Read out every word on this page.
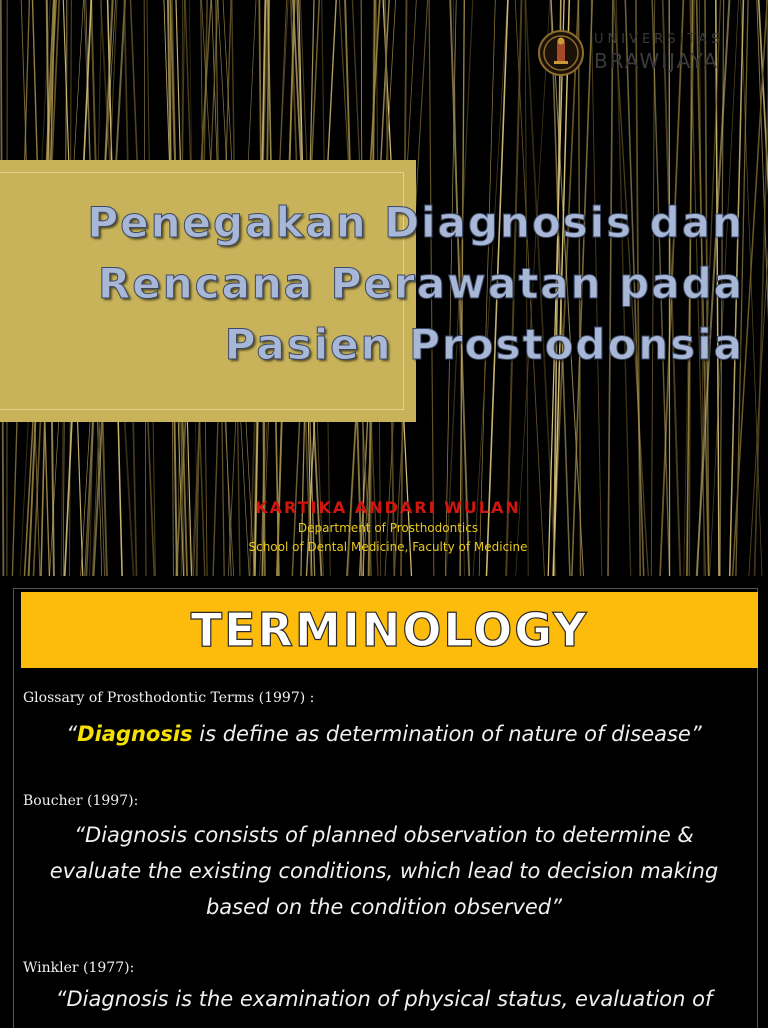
UNIVERSITAS
BRAWIJAYA
Penegakan Diagnosis dan
Rencana Perawatan pada
Pasien Prostodonsia
KARTIKA ANDARI WULAN
Department of Prosthodontics
School of Dental Medicine, Faculty of Medicine
TERMINOLOGY
Glossary of Prosthodontic Terms (1997) :
“Diagnosis is define as determination of nature of disease”
Boucher (1997):
“Diagnosis consists of planned observation to determine &
evaluate the existing conditions, which lead to decision making
based on the condition observed”
Winkler (1977):
“Diagnosis is the examination of physical status, evaluation of
